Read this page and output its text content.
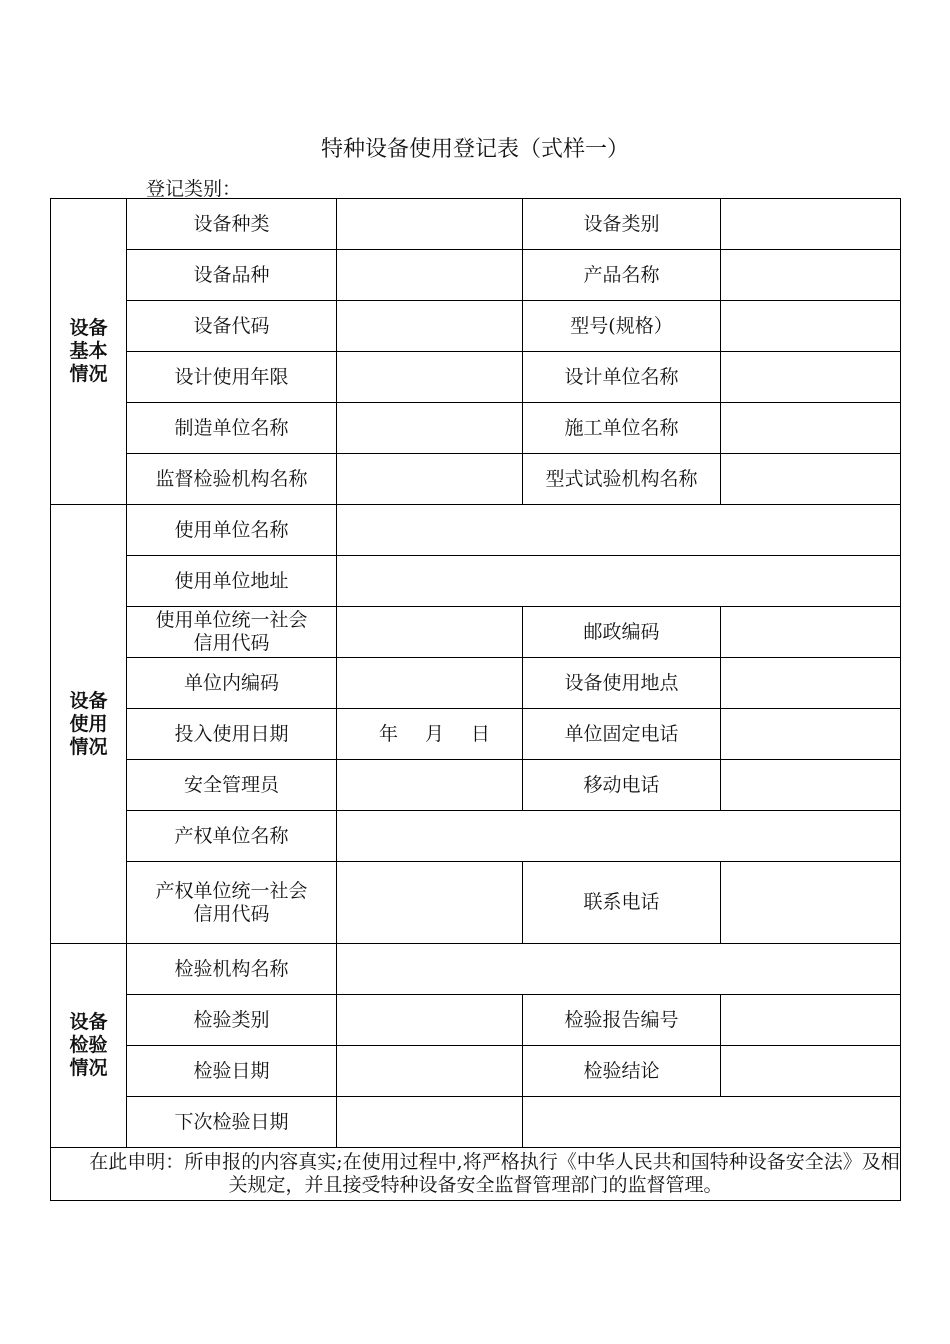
特种设备使用登记表（式样一）
登记类别：
设备
基本
情况	设备种类		设备类别	
	设备品种		产品名称	
	设备代码		型号(规格）	
	设计使用年限		设计单位名称	
	制造单位名称		施工单位名称	
	监督检验机构名称		型式试验机构名称	

设备
使用
情况	使用单位名称			
	使用单位地址			

	使用单位统一社会
信用代码		邮政编码	
	单位内编码		设备使用地点	
	投入使用日期	年 月 日	单位固定电话	
	安全管理员		移动电话	
	产权单位名称			

	产权单位统一社会
信用代码		联系电话	

设备
检验
情况	检验机构名称			
	检验类别		检验报告编号	
	检验日期		检验结论	
	下次检验日期			
　　在此申明：所申报的内容真实;在使用过程中,将严格执行《中华人民共和国特种设备安全法》及相关规定，并且接受特种设备安全监督管理部门的监督管理。				
